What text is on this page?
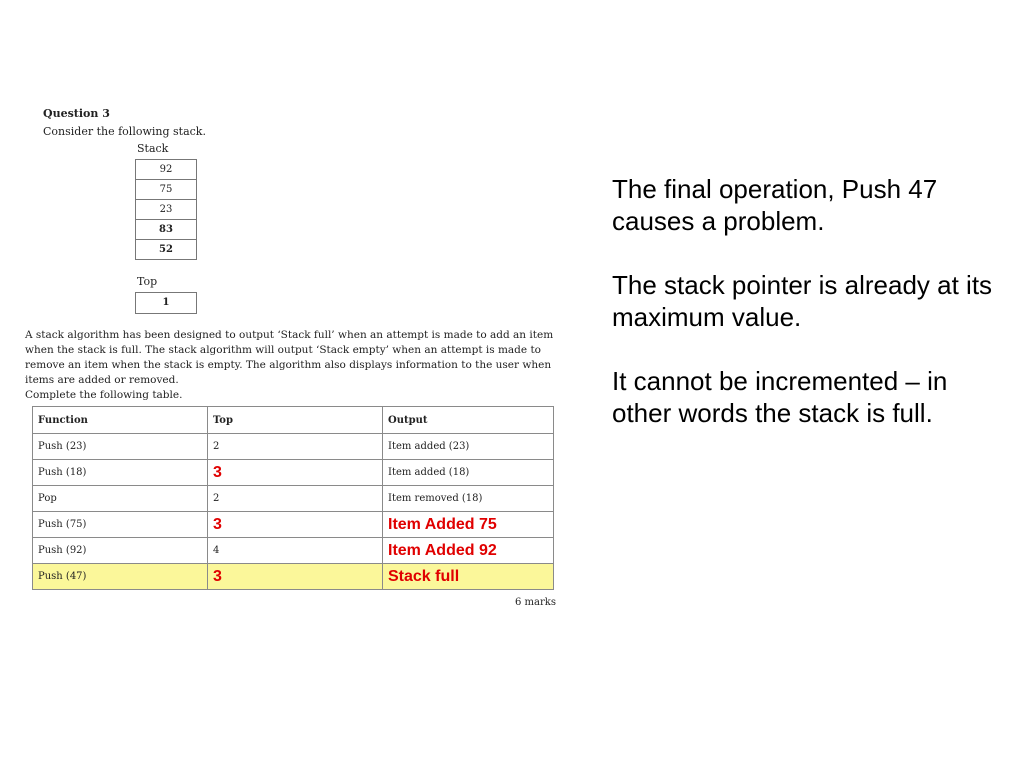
Question 3
Consider the following stack.
Stack
92
75
23
83
52
Top
1

A stack algorithm has been designed to output ‘Stack full’ when an attempt is made to add an item when the stack is full. The stack algorithm will output ‘Stack empty’ when an attempt is made to remove an item when the stack is empty. The algorithm also displays information to the user when items are added or removed.

Complete the following table.

Function	Top	Output
Push (23)	2	Item added (23)
Push (18)	3	Item added (18)
Pop	2	Item removed (18)
Push (75)	3	Item Added 75
Push (92)	4	Item Added 92
Push (47)	3	Stack full
6 marks

The final operation, Push 47 causes a problem.

The stack pointer is already at its maximum value.

It cannot be incremented – in other words the stack is full.
